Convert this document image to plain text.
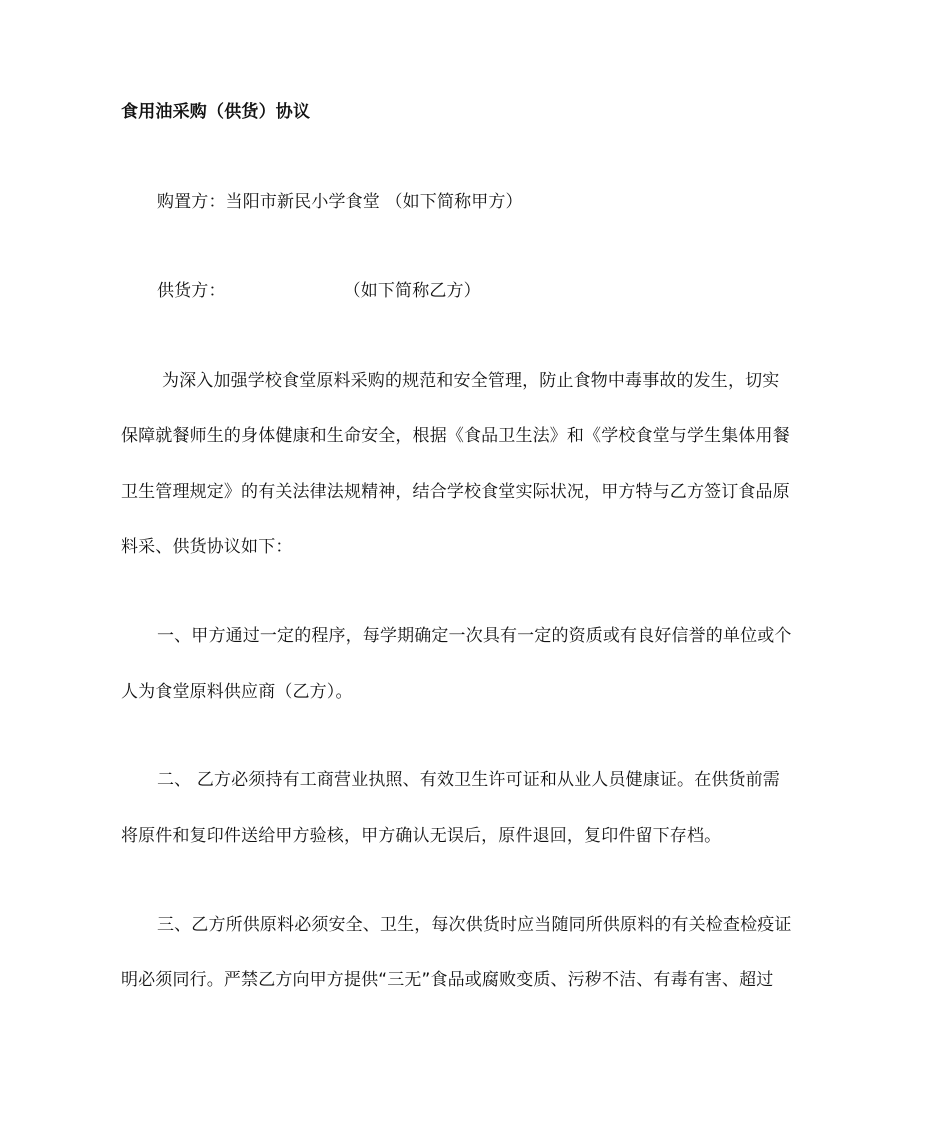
食用油采购（供货）协议
购置方：当阳市新民小学食堂 （如下简称甲方）
供货方：	（如下简称乙方）
为深入加强学校食堂原料采购的规范和安全管理，防止食物中毒事故的发生，切实
保障就餐师生的身体健康和生命安全，根据《食品卫生法》和《学校食堂与学生集体用餐
卫生管理规定》的有关法律法规精神，结合学校食堂实际状况，甲方特与乙方签订食品原
料采、供货协议如下：
一、甲方通过一定的程序，每学期确定一次具有一定的资质或有良好信誉的单位或个
人为食堂原料供应商（乙方）。
二、 乙方必须持有工商营业执照、有效卫生许可证和从业人员健康证。在供货前需
将原件和复印件送给甲方验核，甲方确认无误后，原件退回，复印件留下存档。
三、乙方所供原料必须安全、卫生，每次供货时应当随同所供原料的有关检查检疫证
明必须同行。严禁乙方向甲方提供“三无”食品或腐败变质、污秽不洁、有毒有害、超过
